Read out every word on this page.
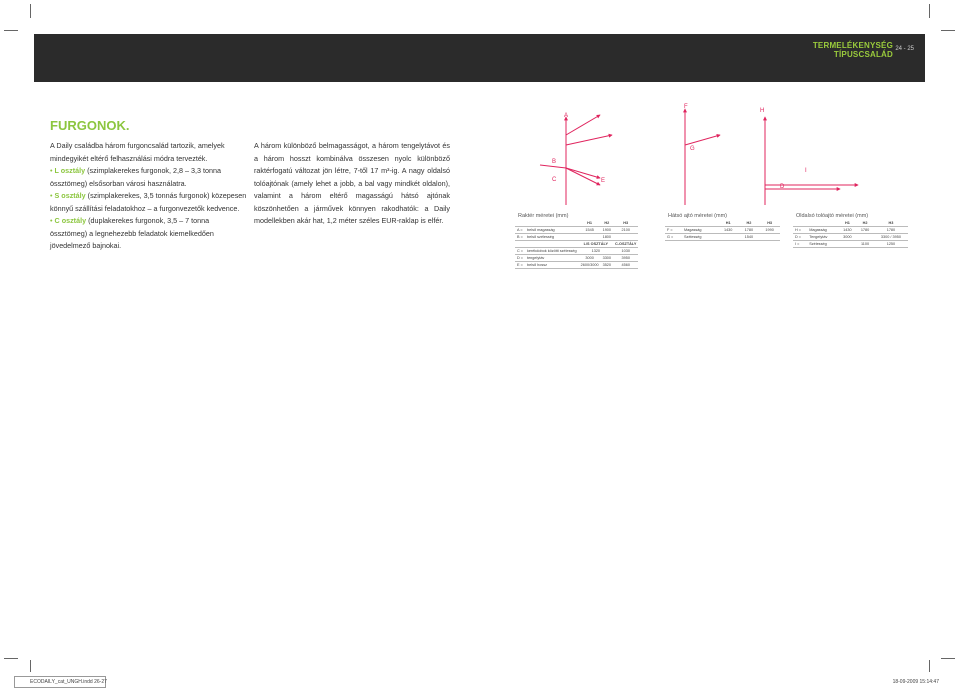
TERMELÉKENYSÉG
TÍPUSCSALÁD
24 - 25
FURGONOK.

A Daily családba három furgoncsalád tartozik, amelyek mindegyikét eltérő felhasználási módra tervezték.

• L osztály (szimplakerekes furgonok, 2,8 – 3,3 tonna össztömeg) elsősorban városi használatra.

• S osztály (szimplakerekes, 3,5 tonnás furgonok) közepesen könnyű szállítási feladatokhoz – a furgonvezetők kedvence.

• C osztály (duplakerekes furgonok, 3,5 – 7 tonna össztömeg) a legnehezebb feladatok kiemelkedően jövedelmező bajnokai.

A három különböző belmagasságot, a három tengelytávot és a három hosszt kombinálva összesen nyolc különböző raktérfogatú változat jön létre, 7-től 17 m³-ig. A nagy oldalsó tolóajtónak (amely lehet a jobb, a bal vagy mindkét oldalon), valamint a három eltérő magasságú hátsó ajtónak köszönhetően a járművek könnyen rakodhatók: a Daily modellekben akár hat, 1,2 méter széles EUR-raklap is elfér.

A
B
C	E
F
G
H
I
D
Raktér méretei (mm)
		H1	H2	H3
A =	belső magasság	1545	1900	2100
B =	belső szélesség		1800	
		L/S OSZTÁLY		C-OSZTÁLY
C =	kerékdobok közötti szélesség	1320		1030
D =	tengelytáv	3000	3300	3950
E =	belső hossz	2600/3000	3520	4560
Hátsó ajtó méretei (mm)
		H1	H2	H3
F =	Magasság	1430	1780	1990
G =	Szélesség		1540	
Oldalsó tolóajtó méretei (mm)
		H1	H2	H3
H =	Magasság	1430	1780	1780
D =	Tengelytáv	3000		3300 / 3950
I =	Szélesség		1100	1250
ECODAILY_cat_UNGH.indd 26-27	18-09-2009 15:14:47
